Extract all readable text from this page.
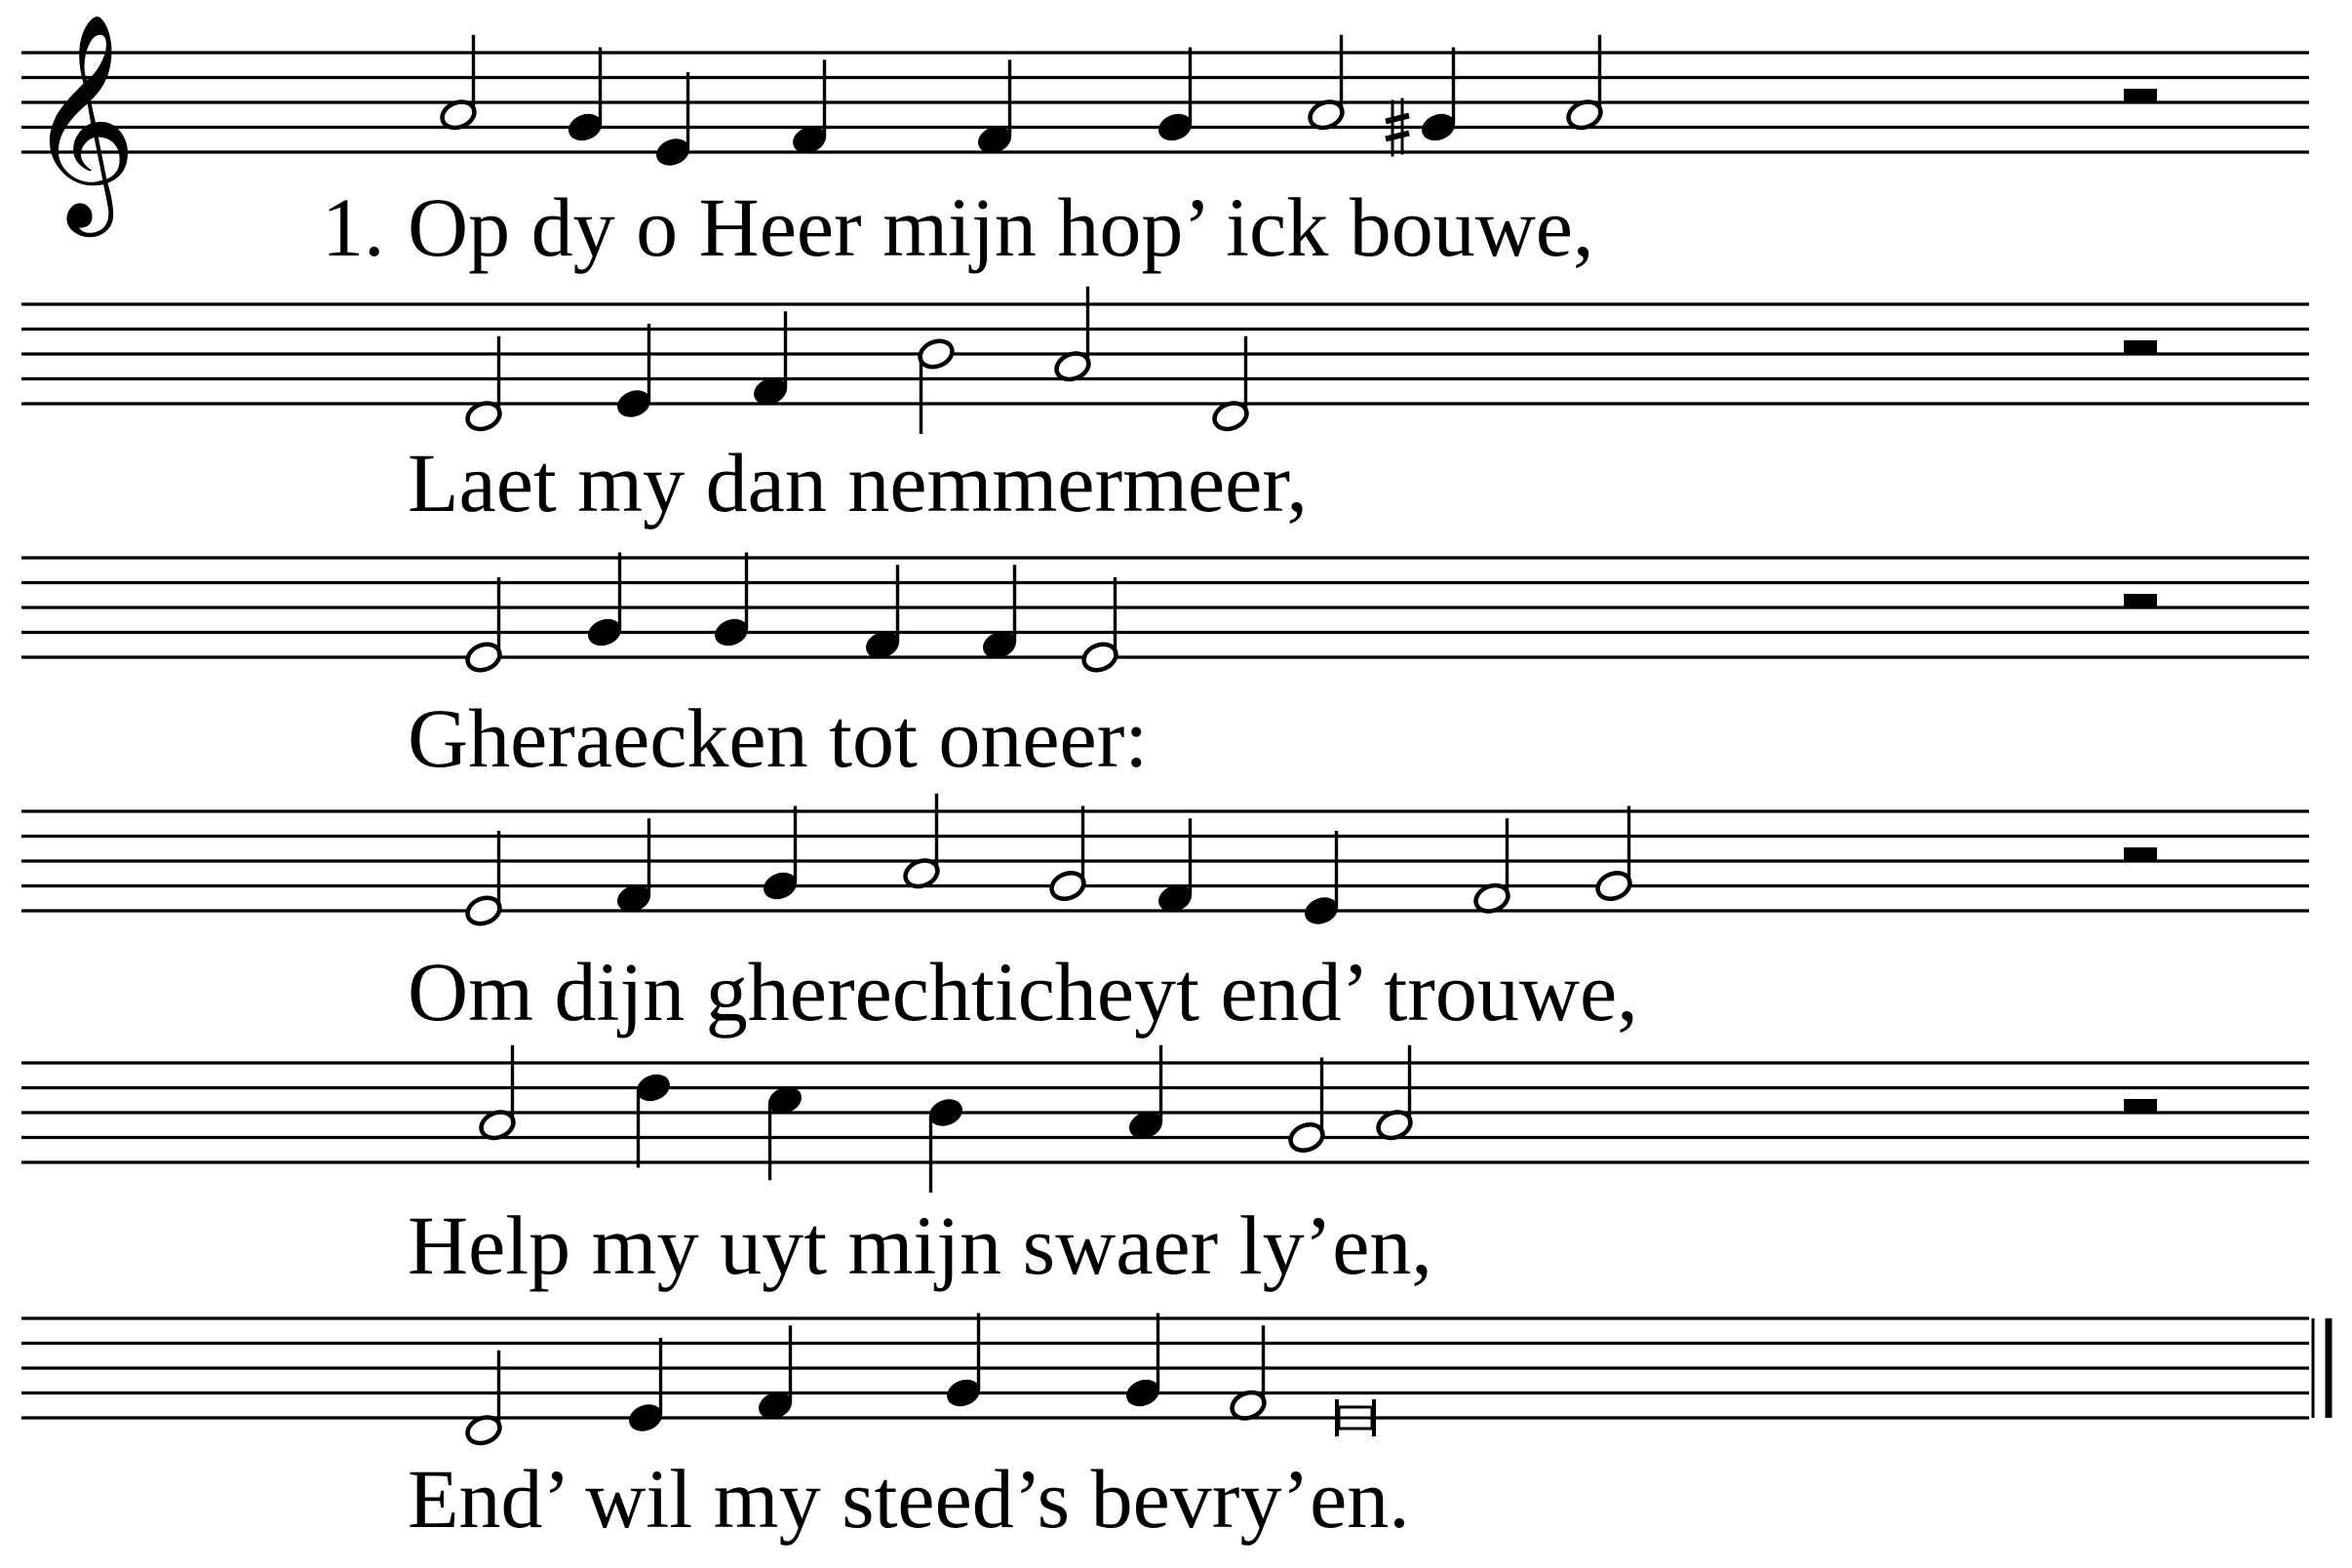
𝄞 1. Op dy o Heer mijn hop’ ick bouwe,
Laet my dan nemmermeer,
Gheraecken tot oneer:
Om dijn gherechticheyt end’ trouwe,
Help my uyt mijn swaer ly’en,
End’ wil my steed’s bevry’en.
